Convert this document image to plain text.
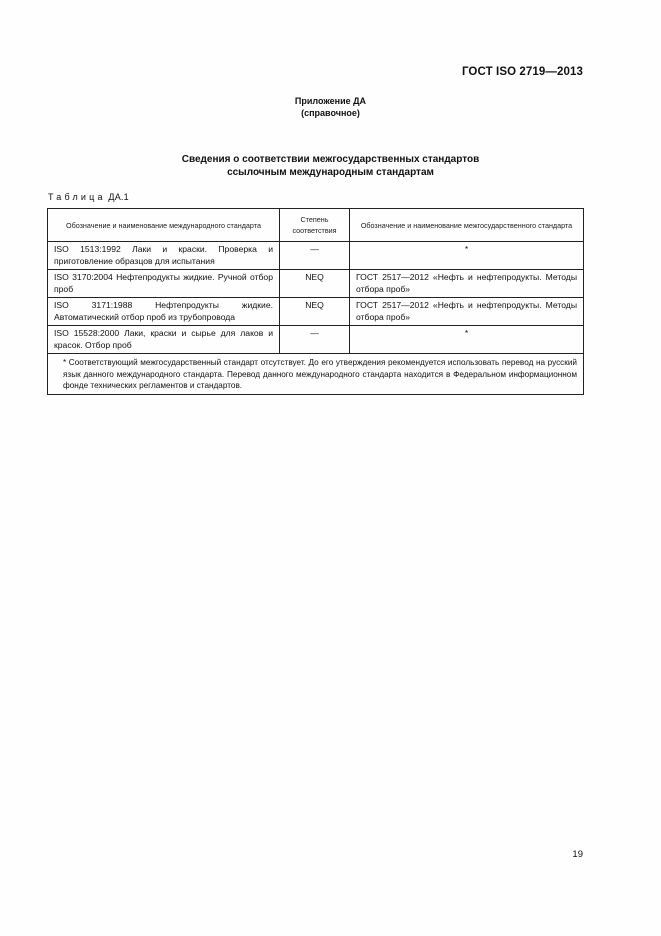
ГОСТ ISO 2719—2013
Приложение ДА
(справочное)
Сведения о соответствии межгосударственных стандартов
ссылочным международным стандартам
Таблица ДА.1
Обозначение и наименование международного стандарта	Степень соответствия	Обозначение и наименование межгосударственного стандарта
ISO 1513:1992 Лаки и краски. Проверка и приготовление образцов для испытания	—	*
ISO 3170:2004 Нефтепродукты жидкие. Ручной отбор проб	NEQ	ГОСТ 2517—2012 «Нефть и нефтепродукты. Методы отбора проб»
ISO 3171:1988 Нефтепродукты жидкие. Автоматический отбор проб из трубопровода	NEQ	ГОСТ 2517—2012 «Нефть и нефтепродукты. Методы отбора проб»
ISO 15528:2000 Лаки, краски и сырье для лаков и красок. Отбор проб	—	*

* Соответствующий межгосударственный стандарт отсутствует. До его утверждения рекомендуется использовать перевод на русский язык данного международного стандарта. Перевод данного международного стандарта находится в Федеральном информационном фонде технических регламентов и стандартов.		
19
